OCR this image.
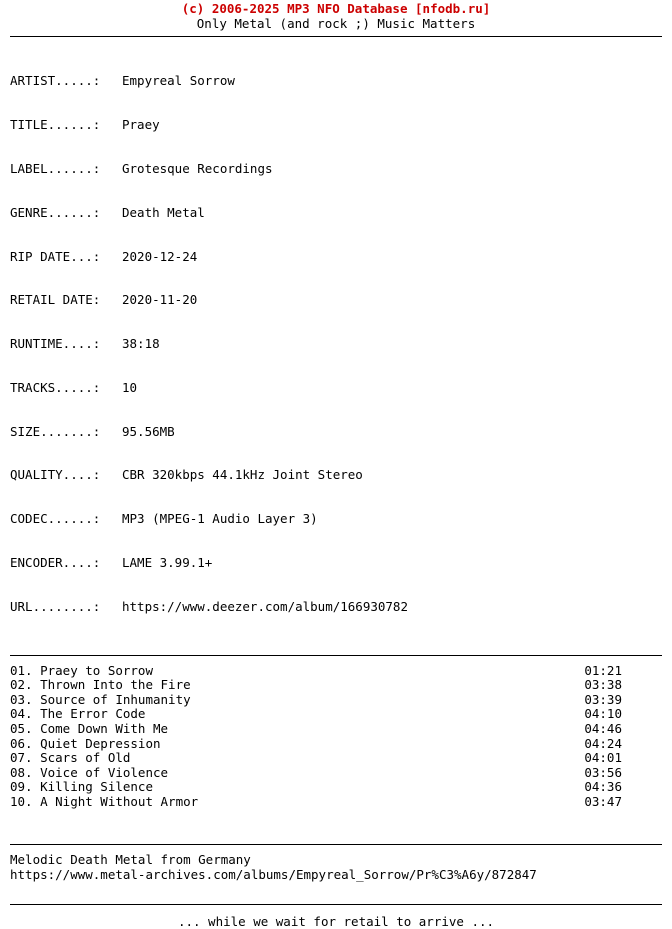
(c) 2006-2025 MP3 NFO Database [nfodb.ru]
Only Metal (and rock ;) Music Matters

ARTIST.....: Empyreal Sorrow

TITLE......: Praey

LABEL......: Grotesque Recordings

GENRE......: Death Metal

RIP DATE...: 2020-12-24

RETAIL DATE: 2020-11-20

RUNTIME....: 38:18

TRACKS.....: 10

SIZE.......: 95.56MB

QUALITY....: CBR 320kbps 44.1kHz Joint Stereo

CODEC......: MP3 (MPEG-1 Audio Layer 3)

ENCODER....: LAME 3.99.1+

URL........: https://www.deezer.com/album/166930782

01. Praey to Sorrow	01:21
02. Thrown Into the Fire	03:38
03. Source of Inhumanity	03:39
04. The Error Code	04:10
05. Come Down With Me	04:46
06. Quiet Depression	04:24
07. Scars of Old	04:01
08. Voice of Violence	03:56
09. Killing Silence	04:36
10. A Night Without Armor	03:47
Melodic Death Metal from Germany
https://www.metal-archives.com/albums/Empyreal_Sorrow/Pr%C3%A6y/872847
... while we wait for retail to arrive ...
